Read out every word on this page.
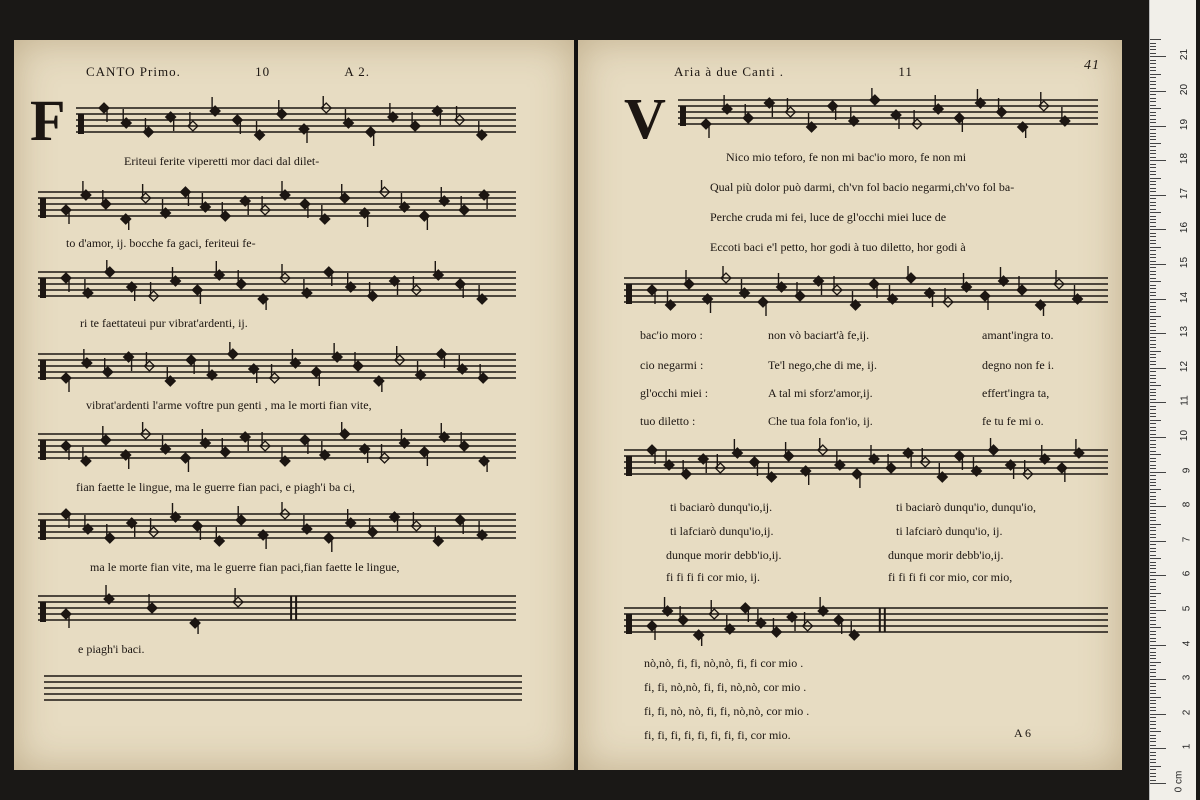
CANTO Primo.	10	A 2.
F
Eriteui ferite viperetti mor daci dal dilet-
to d'amor, ij. bocche fa gaci, feriteui fe-
ri te faettateui pur vibrat'ardenti, ij.
vibrat'ardenti l'arme voftre pun genti , ma le morti fian vite,
fian faette le lingue, ma le guerre fian paci, e piagh'i ba ci,
ma le morte fian vite, ma le guerre fian paci,fian faette le lingue,
e piagh'i baci.
Aria à due Canti .	11	41
V
Nico mio teforo, fe non mi bac'io moro, fe non mi
Qual più dolor può darmi, ch'vn fol bacio negarmi,ch'vo fol ba-
Perche cruda mi fei, luce de gl'occhi miei luce de
Eccoti baci e'l petto, hor godi à tuo diletto, hor godi à
bac'io moro :	non vò baciart'à fe,ij.	amant'ingra to.
cio negarmi :	Te'l nego,che di me, ij.	degno non fe i.
gl'occhi miei :	A tal mi sforz'amor,ij.	effert'ingra ta,
tuo diletto :	Che tua fola fon'io, ij.	fe tu fe mi o.
ti baciarò dunqu'io,ij.	ti baciarò dunqu'io, dunqu'io,
ti lafciarò dunqu'io,ij.	ti lafciarò dunqu'io, ij.
dunque morir debb'io,ij.	dunque morir debb'io,ij.
fi fi fi fi cor mio, ij.	fi fi fi fi cor mio, cor mio,
nò,nò, fi, fi, nò,nò, fi, fi cor mio .
fi, fi, nò,nò, fi, fi, nò,nò, cor mio .
fi, fi, nò, nò, fi, fi, nò,nò, cor mio .
fi, fi, fi, fi, fi, fi, fi, fi, cor mio.	A 6
0 cm
1
2
3
4
5
6
7
8
9
10
11
12
13
14
15
16
17
18
19
20
21
